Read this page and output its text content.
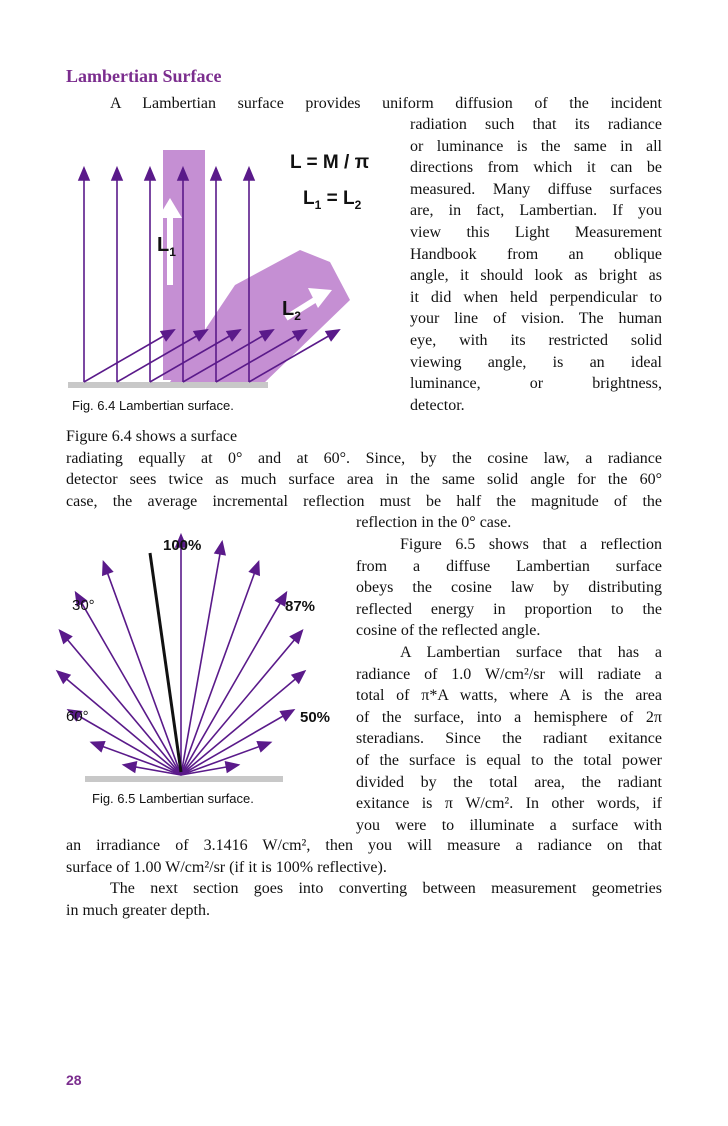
Lambertian Surface

A Lambertian surface provides uniform diffusion of the incident

radiation such that its radiance
or luminance is the same in all
directions from which it can be
measured. Many diffuse surfaces
are, in fact, Lambertian. If you
view this Light Measurement
Handbook from an oblique
angle, it should look as bright as
it did when held perpendicular to
your line of vision. The human
eye, with its restricted solid
viewing angle, is an ideal
luminance, or brightness,
detector.
L = M / π
$L_1 = L_2$
$L_1$
$L_2$
Fig. 6.4 Lambertian surface.
Figure 6.4 shows a surface
radiating equally at 0° and at 60°. Since, by the cosine law, a radiance
detector sees twice as much surface area in the same solid angle for the 60°
case, the average incremental reflection must be half the magnitude of the
reflection in the 0° case.
100%
87%
50%
30°
60°
Fig. 6.5 Lambertian surface.
Figure 6.5 shows that a reflection
from a diffuse Lambertian surface
obeys the cosine law by distributing
reflected energy in proportion to the
cosine of the reflected angle.
A Lambertian surface that has a
radiance of 1.0 W/cm²/sr will radiate a
total of π*A watts, where A is the area
of the surface, into a hemisphere of 2π
steradians. Since the radiant exitance
of the surface is equal to the total power
divided by the total area, the radiant
exitance is π W/cm². In other words, if
you were to illuminate a surface with
an irradiance of 3.1416 W/cm², then you will measure a radiance on that
surface of 1.00 W/cm²/sr (if it is 100% reflective).
The next section goes into converting between measurement geometries
in much greater depth.
28
